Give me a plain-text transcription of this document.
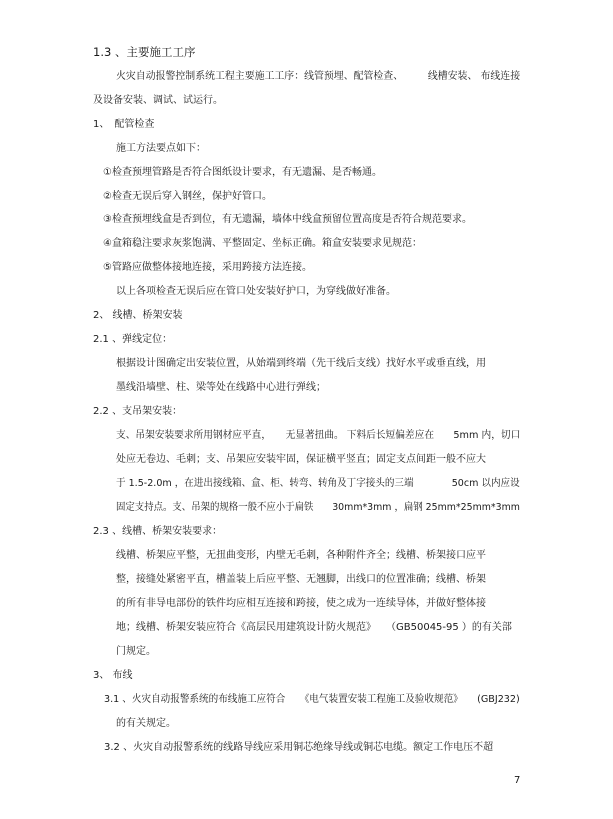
1.3 、主要施工工序
火灾自动报警控制系统工程主要施工工序：线管预埋、配管检查、　　　线槽安装、 布线连接
及设备安装、调试、试运行。
1、　配管检查
施工方法要点如下：
①检查预埋管路是否符合图纸设计要求，有无遗漏、是否畅通。
②检查无误后穿入钢丝，保护好管口。
③检查预埋线盒是否到位，有无遗漏，墙体中线盒预留位置高度是否符合规范要求。
④盒箱稳注要求灰浆饱满、平整固定、坐标正确。箱盒安装要求见规范：
⑤管路应做整体接地连接，采用跨接方法连接。
以上各项检查无误后应在管口处安装好护口，为穿线做好准备。
2、 线槽、桥架安装
2.1 、弹线定位：
根据设计图确定出安装位置，从始端到终端（先干线后支线）找好水平或垂直线，用
墨线沿墙壁、柱、梁等处在线路中心进行弹线；
2.2 、支吊架安装：
支、吊架安装要求所用钢材应平直，　　无显著扭曲。 下料后长短偏差应在　　5mm 内，切口
处应无卷边、毛刺；支、吊架应安装牢固，保证横平竖直；固定支点间距一般不应大
于 1.5-2.0m ，在进出接线箱、盒、柜、转弯、转角及丁字接头的三端　　　　50cm 以内应设
固定支持点。支、吊架的规格一般不应小于扁铁　　30mm*3mm ，扁钢 25mm*25mm*3mm
2.3 、线槽、桥架安装要求：
线槽、桥架应平整，无扭曲变形，内壁无毛刺，各种附件齐全；线槽、桥架接口应平
整，接缝处紧密平直，槽盖装上后应平整、无翘脚，出线口的位置准确；线槽、桥架
的所有非导电部份的铁件均应相互连接和跨接，使之成为一连续导体，并做好整体接
地；线槽、桥架安装应符合《高层民用建筑设计防火规范》　　（GB50045-95 ）的有关部
门规定。
3、 布线
3.1 、火灾自动报警系统的布线施工应符合　　《电气装置安装工程施工及验收规范》　　(GBJ232)
的有关规定。
3.2 、火灾自动报警系统的线路导线应采用铜芯绝缘导线或铜芯电缆。额定工作电压不超
7
